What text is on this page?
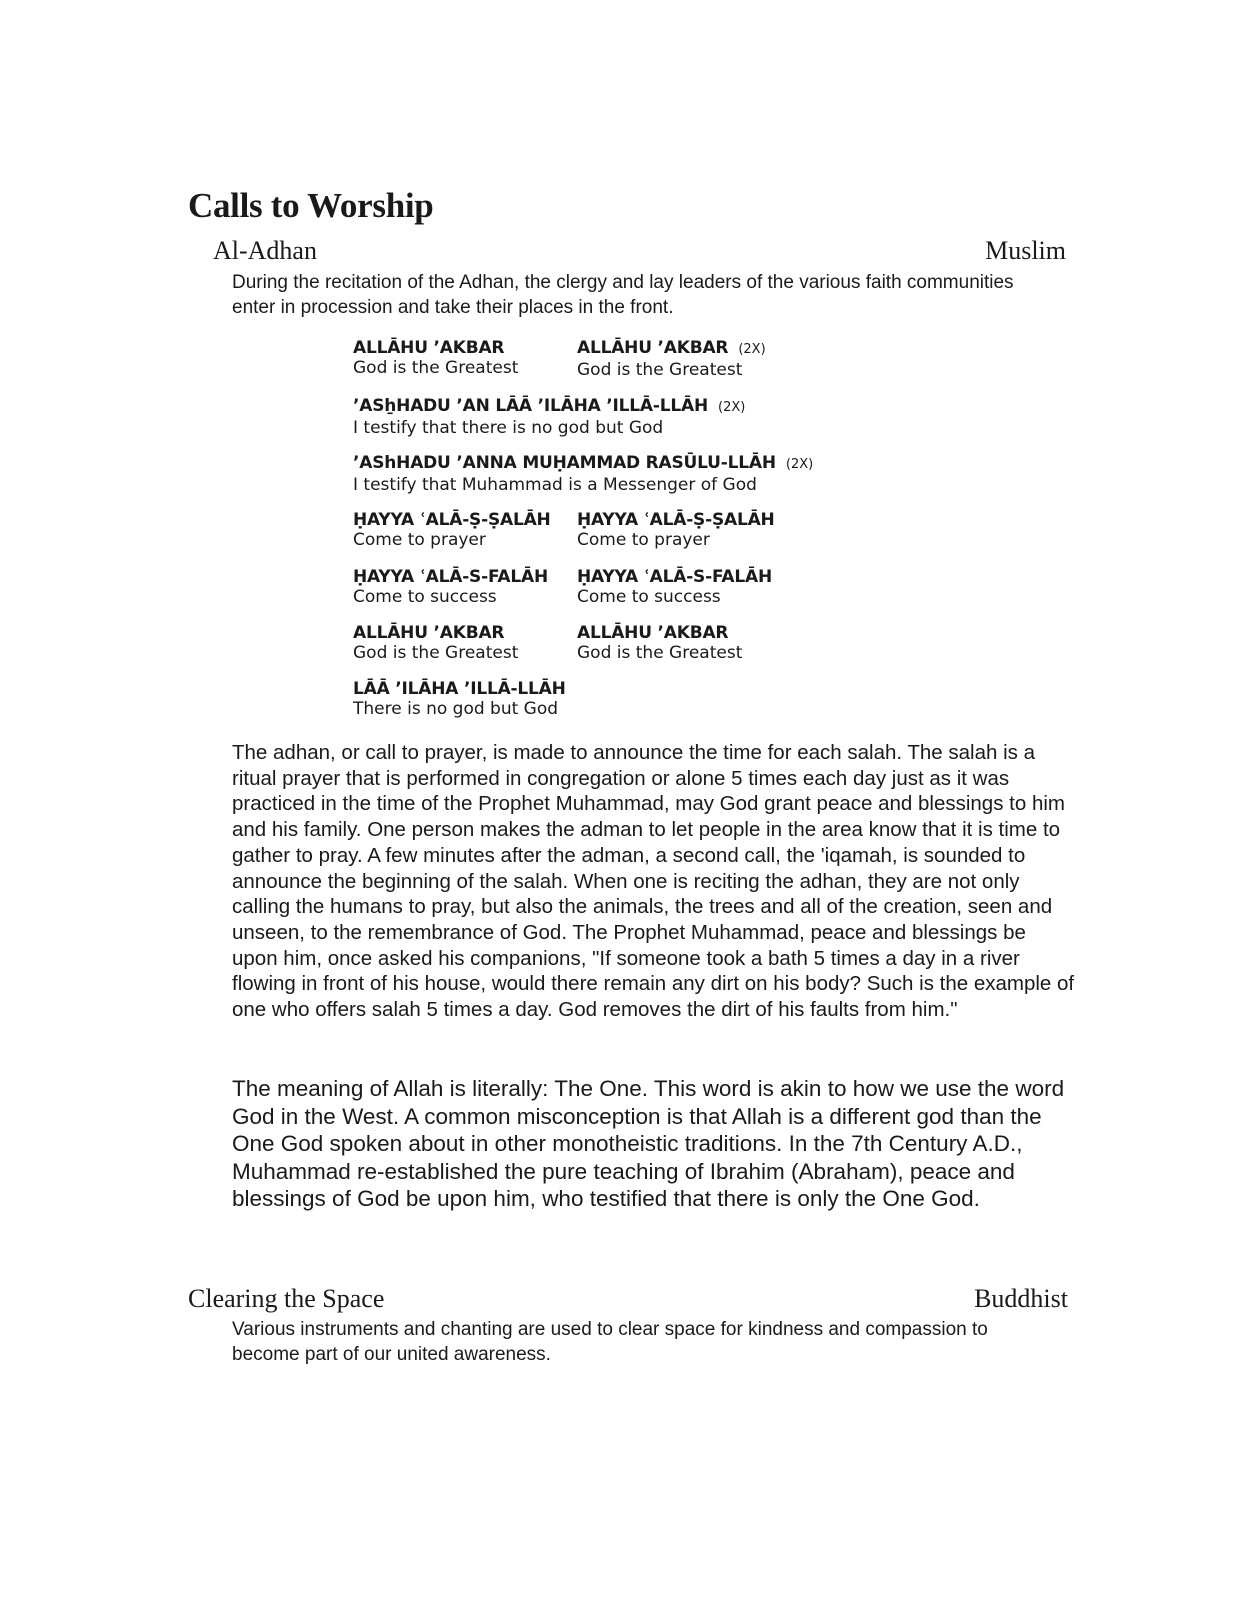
Calls to Worship
Al-Adhan	Muslim

During the recitation of the Adhan, the clergy and lay leaders of the various faith communities enter in procession and take their places in the front.

ALLĀHU ’AKBAR
God is the Greatest
ALLĀHU ’AKBAR (2X)
God is the Greatest
’ASẖHADU ’AN LĀĀ ’ILĀHA ’ILLĀ-LLĀH (2X)
I testify that there is no god but God
’AShHADU ’ANNA MUḤAMMAD RASŪLU-LLĀH (2X)
I testify that Muhammad is a Messenger of God
ḤAYYA ʿALĀ-Ṣ-ṢALĀH
Come to prayer
ḤAYYA ʿALĀ-Ṣ-ṢALĀH
Come to prayer
ḤAYYA ʿALĀ-S-FALĀH
Come to success
ḤAYYA ʿALĀ-S-FALĀH
Come to success
ALLĀHU ’AKBAR
God is the Greatest
ALLĀHU ’AKBAR
God is the Greatest
LĀĀ ’ILĀHA ’ILLĀ-LLĀH
There is no god but God

The adhan, or call to prayer, is made to announce the time for each salah. The salah is a ritual prayer that is performed in congregation or alone 5 times each day just as it was practiced in the time of the Prophet Muhammad, may God grant peace and blessings to him and his family. One person makes the adman to let people in the area know that it is time to gather to pray. A few minutes after the adman, a second call, the 'iqamah, is sounded to announce the beginning of the salah. When one is reciting the adhan, they are not only calling the humans to pray, but also the animals, the trees and all of the creation, seen and unseen, to the remembrance of God. The Prophet Muhammad, peace and blessings be upon him, once asked his companions, "If someone took a bath 5 times a day in a river flowing in front of his house, would there remain any dirt on his body? Such is the example of one who offers salah 5 times a day. God removes the dirt of his faults from him."

The meaning of Allah is literally: The One. This word is akin to how we use the word God in the West. A common misconception is that Allah is a different god than the One God spoken about in other monotheistic traditions. In the 7th Century A.D., Muhammad re-established the pure teaching of Ibrahim (Abraham), peace and blessings of God be upon him, who testified that there is only the One God.

Clearing the Space	Buddhist

Various instruments and chanting are used to clear space for kindness and compassion to become part of our united awareness.
